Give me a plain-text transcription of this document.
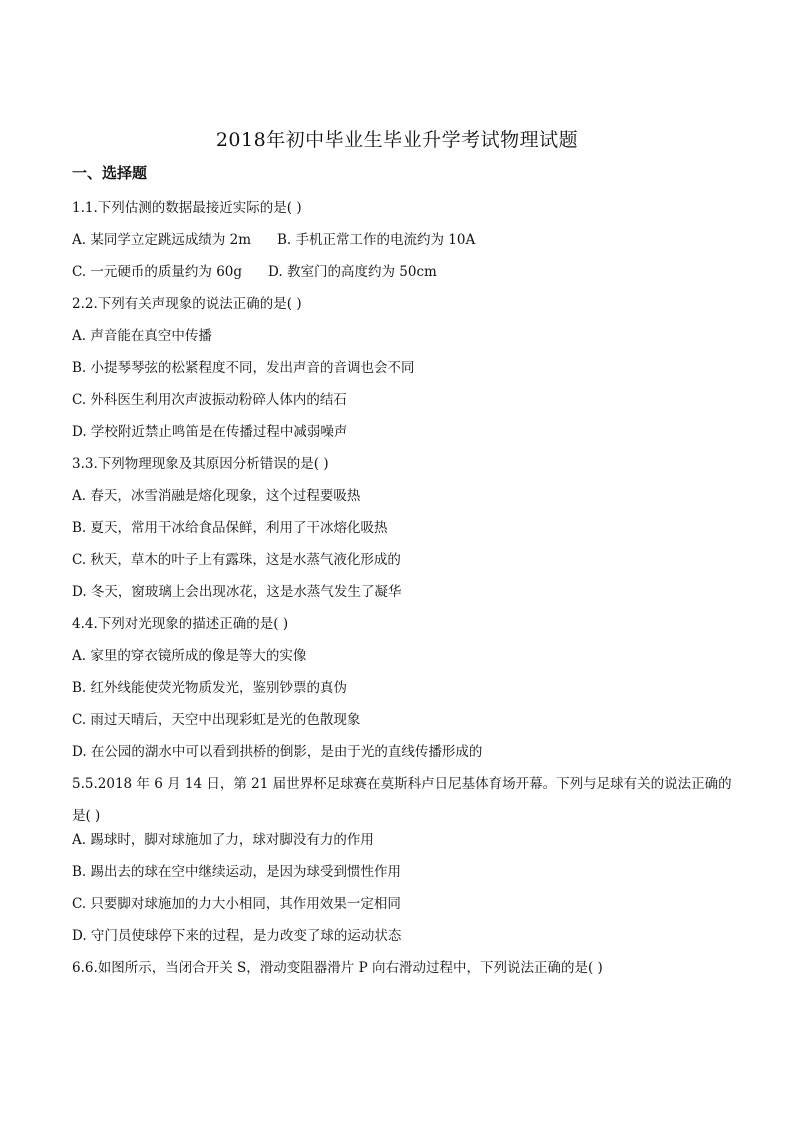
2018年初中毕业生毕业升学考试物理试题
一、选择题
1.1.下列估测的数据最接近实际的是( )
A. 某同学立定跳远成绩为 2m B. 手机正常工作的电流约为 10A
C. 一元硬币的质量约为 60g D. 教室门的高度约为 50cm
2.2.下列有关声现象的说法正确的是( )
A. 声音能在真空中传播
B. 小提琴琴弦的松紧程度不同，发出声音的音调也会不同
C. 外科医生利用次声波振动粉碎人体内的结石
D. 学校附近禁止鸣笛是在传播过程中减弱噪声
3.3.下列物理现象及其原因分析错误的是( )
A. 春天，冰雪消融是熔化现象，这个过程要吸热
B. 夏天，常用干冰给食品保鲜，利用了干冰熔化吸热
C. 秋天，草木的叶子上有露珠，这是水蒸气液化形成的
D. 冬天，窗玻璃上会出现冰花，这是水蒸气发生了凝华
4.4.下列对光现象的描述正确的是( )
A. 家里的穿衣镜所成的像是等大的实像
B. 红外线能使荧光物质发光，鉴别钞票的真伪
C. 雨过天晴后，天空中出现彩虹是光的色散现象
D. 在公园的湖水中可以看到拱桥的倒影，是由于光的直线传播形成的
5.5.2018 年 6 月 14 日，第 21 届世界杯足球赛在莫斯科卢日尼基体育场开幕。下列与足球有关的说法正确的是( )
A. 踢球时，脚对球施加了力，球对脚没有力的作用
B. 踢出去的球在空中继续运动，是因为球受到惯性作用
C. 只要脚对球施加的力大小相同，其作用效果一定相同
D. 守门员使球停下来的过程，是力改变了球的运动状态
6.6.如图所示，当闭合开关 S，滑动变阻器滑片 P 向右滑动过程中，下列说法正确的是( )
